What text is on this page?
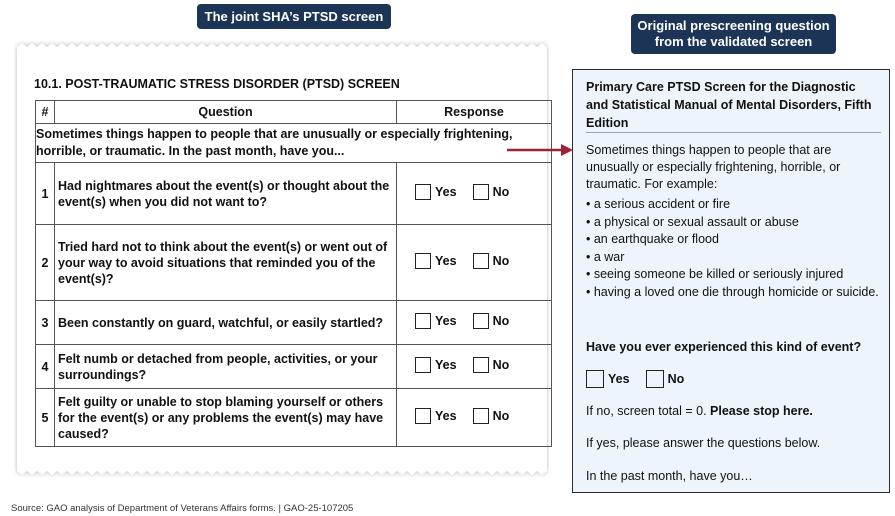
The joint SHA’s PTSD screen
Original prescreening question from the validated screen
10.1. POST-TRAUMATIC STRESS DISORDER (PTSD) SCREEN
#	Question	Response
Sometimes things happen to people that are unusually or especially frightening, horrible, or traumatic. In the past month, have you...		
1	Had nightmares about the event(s) or thought about the event(s) when you did not want to?	Yes No

2	Tried hard not to think about the event(s) or went out of your way to avoid situations that reminded you of the event(s)?	Yes No

3	Been constantly on guard, watchful, or easily startled?	Yes No

4	Felt numb or detached from people, activities, or your surroundings?	Yes No

5	Felt guilty or unable to stop blaming yourself or others for the event(s) or any problems the event(s) may have caused?	Yes No
Primary Care PTSD Screen for the Diagnostic and Statistical Manual of Mental Disorders, Fifth Edition
Sometimes things happen to people that are unusually or especially frightening, horrible, or traumatic. For example:
• a serious accident or fire
• a physical or sexual assault or abuse
• an earthquake or flood
• a war
• seeing someone be killed or seriously injured
• having a loved one die through homicide or suicide.
Have you ever experienced this kind of event?
Yes	No
If no, screen total = 0. Please stop here.
If yes, please answer the questions below.
In the past month, have you…
Source: GAO analysis of Department of Veterans Affairs forms. | GAO-25-107205
